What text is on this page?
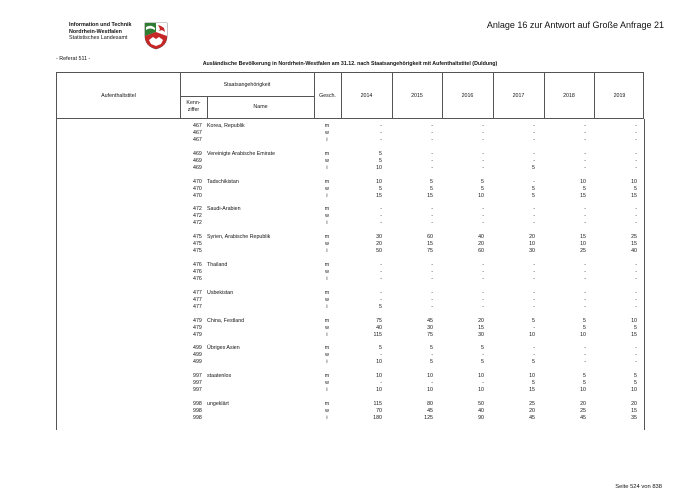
Information und Technik
Nordrhein-Westfalen
Statistisches Landesamt
- Referat 511 -
Anlage 16 zur Antwort auf Große Anfrage 21
Ausländische Bevölkerung in Nordrhein-Westfalen am 31.12. nach Staatsangehörigkeit mit Aufenthaltstitel (Duldung)
Aufenthaltstitel
Staatsangehörigkeit
Kenn-
ziffer	Name
Gesch.	2014	2015	2016	2017	2018	2019
467 Korea, Republik	m	-	-	-	-	-	-
467	w	-	-	-	-	-	-
467	i	-	-	-	-	-	-
469 Vereinigte Arabische Emirate	m	5	-	-	-	-	-
469	w	5	-	-	-	-	-
469	i	10	-	-	5	-	-
470 Tadschikistan	m	10	5	5	-	10	10
470	w	5	5	5	5	5	5
470	i	15	15	10	5	15	15
472 Saudi-Arabien	m	-	-	-	-	-	-
472	w	-	-	-	-	-	-
472	i	-	-	-	-	-	-
475 Syrien, Arabische Republik	m	30	60	40	20	15	25
475	w	20	15	20	10	10	15
475	i	50	75	60	30	25	40
476 Thailand	m	-	-	-	-	-	-
476	w	-	-	-	-	-	-
476	i	-	-	-	-	-	-
477 Usbekistan	m	-	-	-	-	-	-
477	w	-	-	-	-	-	-
477	i	5	-	-	-	-	-
479 China, Festland	m	75	45	20	5	5	10
479	w	40	30	15	-	5	5
479	i	115	75	30	10	10	15
499 Übriges Asien	m	5	5	5	-	-	-
499	w	-	-	-	-	-	-
499	i	10	5	5	5	-	-
997 staatenlos	m	10	10	10	10	5	5
997	w	-	-	-	5	5	5
997	i	10	10	10	15	10	10
998 ungeklärt	m	115	80	50	25	20	20
998	w	70	45	40	20	25	15
998	i	180	125	90	45	45	35
Seite 524 von 838
